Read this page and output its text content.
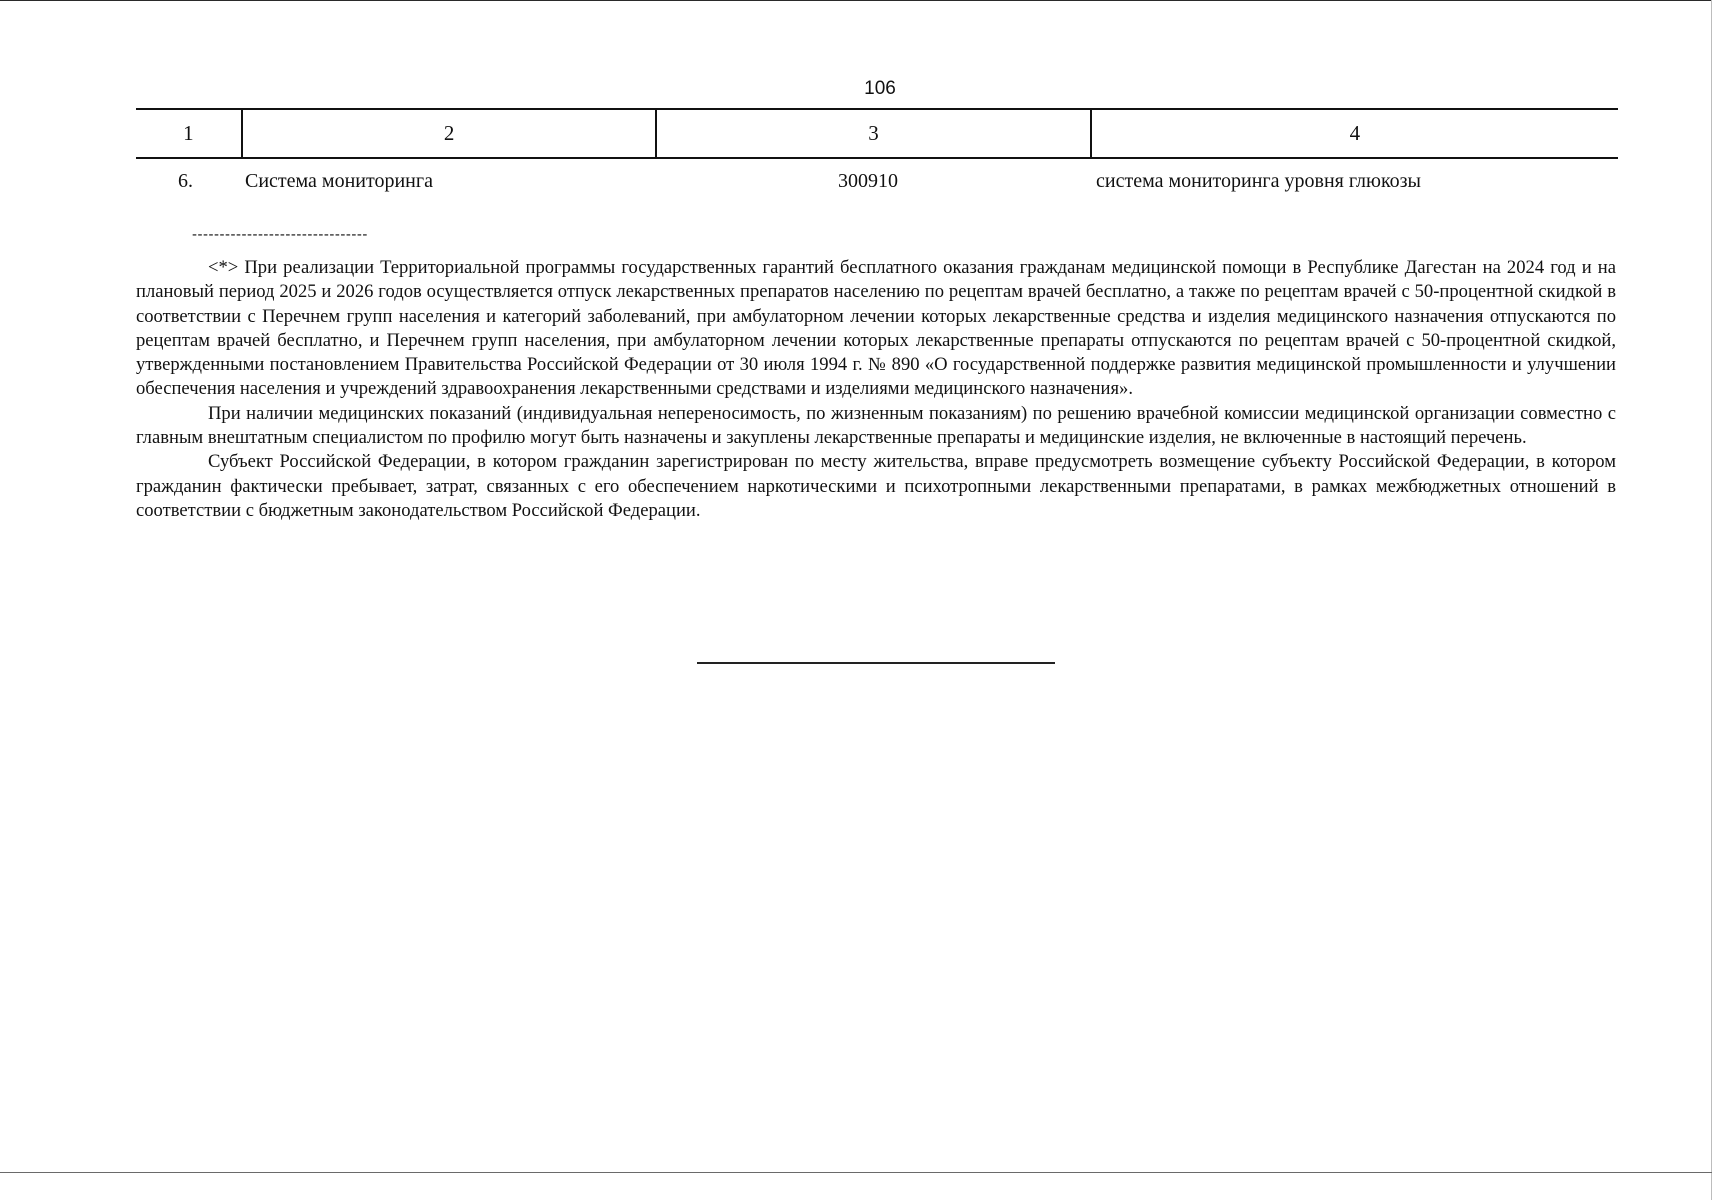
106
1	2	3	4
6.	Система мониторинга	300910	система мониторинга уровня глюкозы
--------------------------------

<*> При реализации Территориальной программы государственных гарантий бесплатного оказания гражданам медицинской помощи в Республике Дагестан на 2024 год и на плановый период 2025 и 2026 годов осуществляется отпуск лекарственных препаратов населению по рецептам врачей бесплатно, а также по рецептам врачей с 50-процентной скидкой в соответствии с Перечнем групп населения и категорий заболеваний, при амбулаторном лечении которых лекарственные средства и изделия медицинского назначения отпускаются по рецептам врачей бесплатно, и Перечнем групп населения, при амбулаторном лечении которых лекарственные препараты отпускаются по рецептам врачей с 50-процентной скидкой, утвержденными постановлением Правительства Российской Федерации от 30 июля 1994 г. № 890 «О государственной поддержке развития медицинской промышленности и улучшении обеспечения населения и учреждений здравоохранения лекарственными средствами и изделиями медицинского назначения».

При наличии медицинских показаний (индивидуальная непереносимость, по жизненным показаниям) по решению врачебной комиссии медицинской организации совместно с главным внештатным специалистом по профилю могут быть назначены и закуплены лекарственные препараты и медицинские изделия, не включенные в настоящий перечень.

Субъект Российской Федерации, в котором гражданин зарегистрирован по месту жительства, вправе предусмотреть возмещение субъекту Российской Федерации, в котором гражданин фактически пребывает, затрат, связанных с его обеспечением наркотическими и психотропными лекарственными препаратами, в рамках межбюджетных отношений в соответствии с бюджетным законодательством Российской Федерации.
